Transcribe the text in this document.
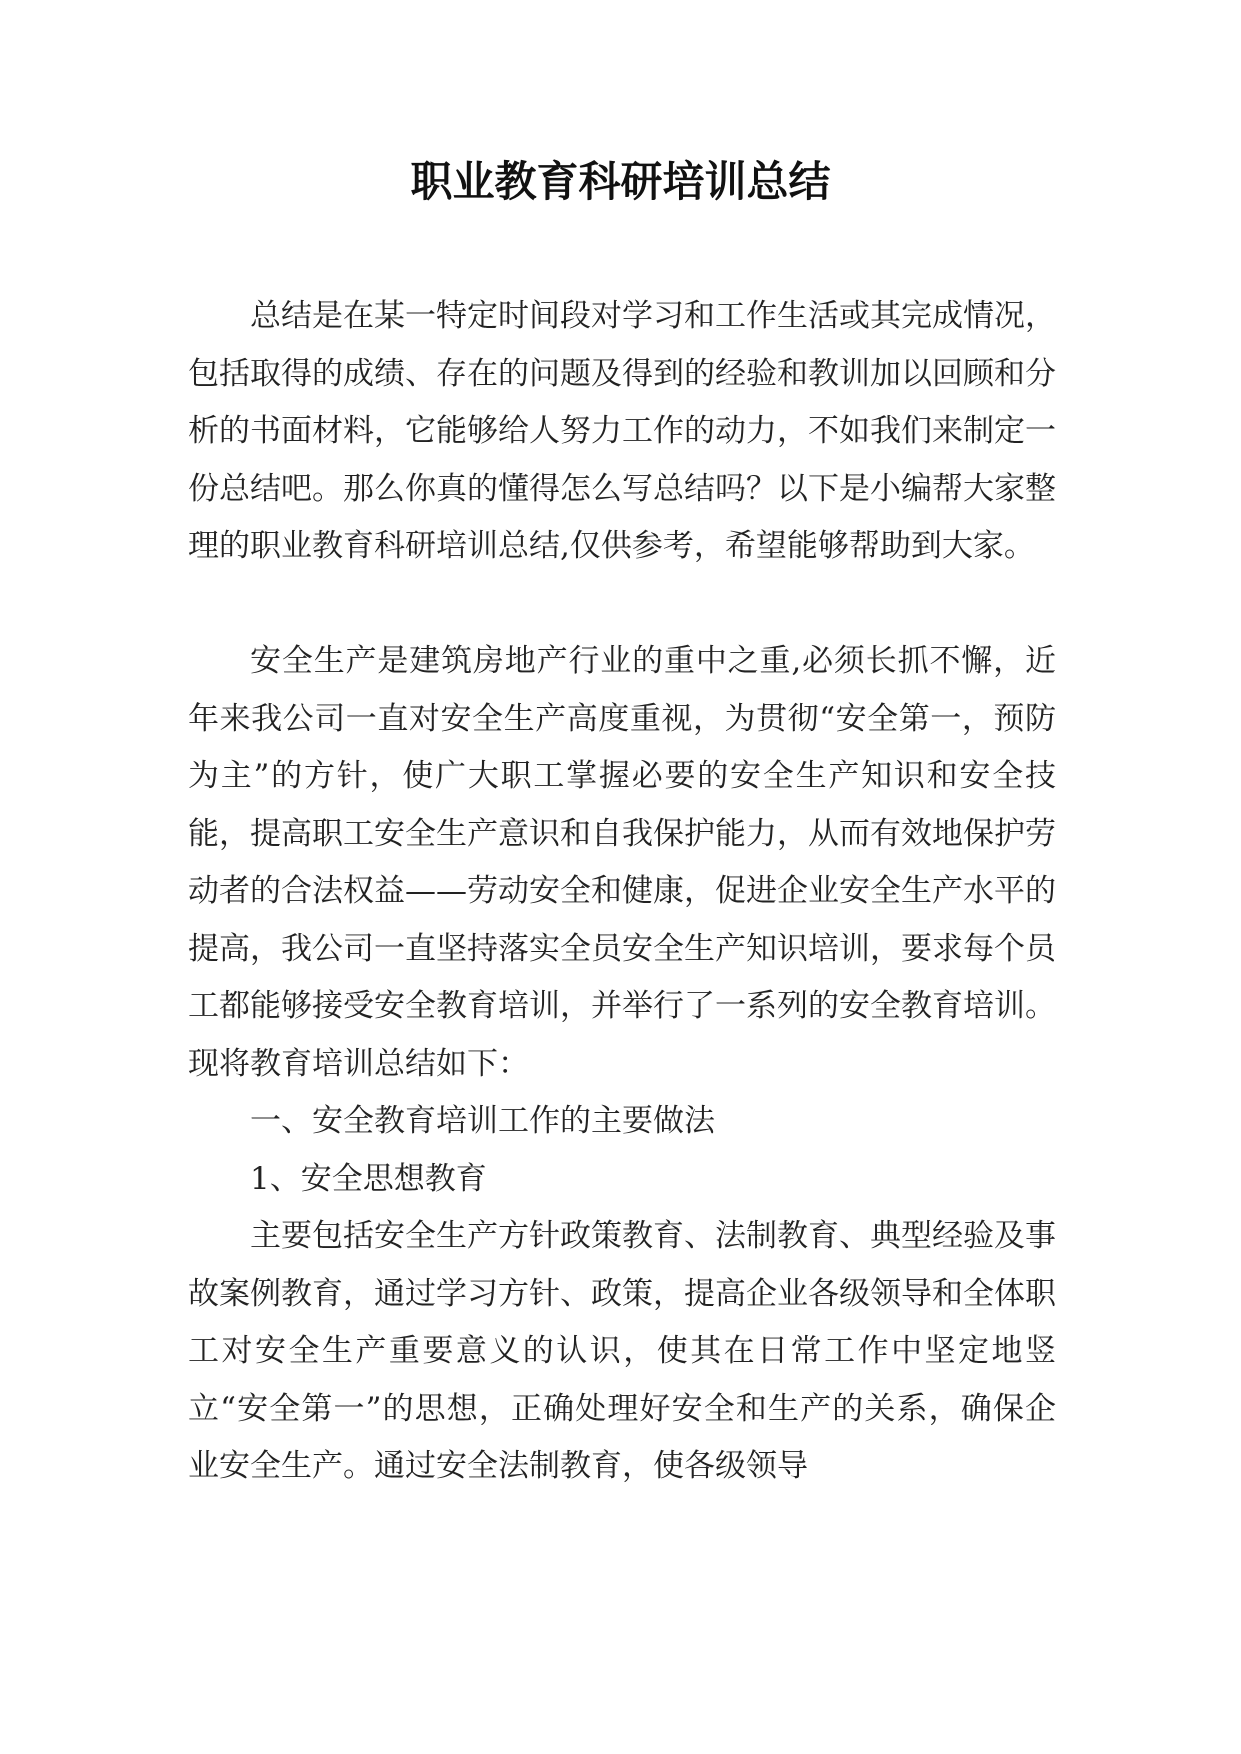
职业教育科研培训总结

总结是在某一特定时间段对学习和工作生活或其完成情况，包括取得的成绩、存在的问题及得到的经验和教训加以回顾和分析的书面材料，它能够给人努力工作的动力，不如我们来制定一份总结吧。那么你真的懂得怎么写总结吗？以下是小编帮大家整理的职业教育科研培训总结,仅供参考，希望能够帮助到大家。

安全生产是建筑房地产行业的重中之重,必须长抓不懈，近年来我公司一直对安全生产高度重视，为贯彻“安全第一，预防为主”的方针，使广大职工掌握必要的安全生产知识和安全技能，提高职工安全生产意识和自我保护能力，从而有效地保护劳动者的合法权益——劳动安全和健康，促进企业安全生产水平的提高，我公司一直坚持落实全员安全生产知识培训，要求每个员工都能够接受安全教育培训，并举行了一系列的安全教育培训。现将教育培训总结如下：

一、安全教育培训工作的主要做法

1、安全思想教育

主要包括安全生产方针政策教育、法制教育、典型经验及事故案例教育，通过学习方针、政策，提高企业各级领导和全体职工对安全生产重要意义的认识，使其在日常工作中坚定地竖立“安全第一”的思想，正确处理好安全和生产的关系，确保企业安全生产。通过安全法制教育，使各级领导
